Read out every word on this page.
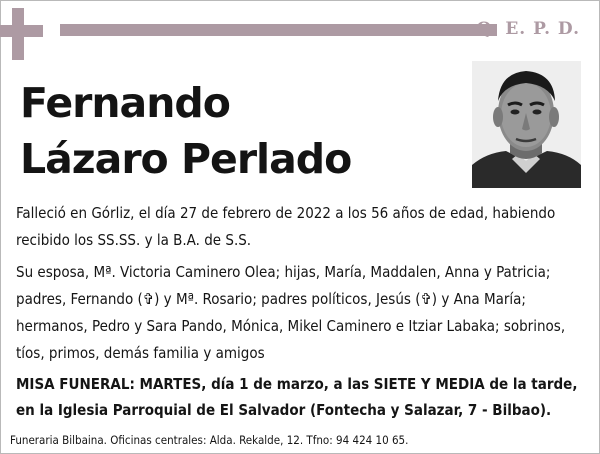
Q. E. P. D.
Fernando
Lázaro Perlado
Falleció en Górliz, el día 27 de febrero de 2022 a los 56 años de edad, habiendo recibido los SS.SS. y la B.A. de S.S.
Su esposa, Mª. Victoria Caminero Olea; hijas, María, Maddalen, Anna y Patricia; padres, Fernando (✞) y Mª. Rosario; padres políticos, Jesús (✞) y Ana María; hermanos, Pedro y Sara Pando, Mónica, Mikel Caminero e Itziar Labaka; sobrinos, tíos, primos, demás familia y amigos
MISA FUNERAL: MARTES, día 1 de marzo, a las SIETE Y MEDIA de la tarde, en la Iglesia Parroquial de El Salvador (Fontecha y Salazar, 7 - Bilbao).
Funeraria Bilbaina. Oficinas centrales: Alda. Rekalde, 12. Tfno: 94 424 10 65.
